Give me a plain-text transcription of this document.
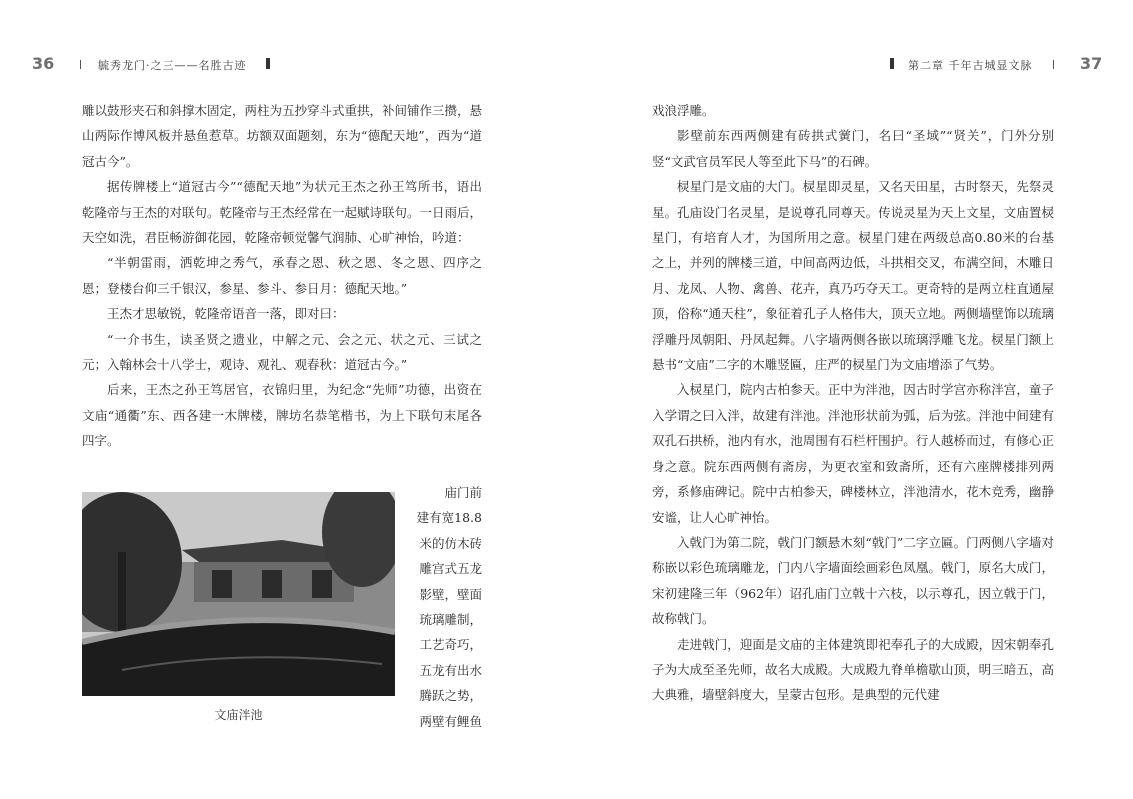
36	毓秀龙门·之三——名胜古迹	第二章 千年古城显文脉	37

雕以鼓形夹石和斜撑木固定，两柱为五抄穿斗式重拱，补间铺作三攒，悬山两际作博风板并悬鱼惹草。坊额双面题刻，东为“德配天地”，西为“道冠古今”。

据传牌楼上“道冠古今”“德配天地”为状元王杰之孙王笃所书，语出乾隆帝与王杰的对联句。乾隆帝与王杰经常在一起赋诗联句。一日雨后，天空如洗，君臣畅游御花园，乾隆帝顿觉馨气润肺、心旷神怡，吟道：

“半朝雷雨，洒乾坤之秀气，承春之恩、秋之恩、冬之恩、四序之恩；登楼台仰三千银汉，参星、参斗、参日月：德配天地。”

王杰才思敏锐，乾隆帝语音一落，即对曰：

“一介书生，读圣贤之遗业，中解之元、会之元、状之元、三试之元；入翰林会十八学士，观诗、观礼、观春秋：道冠古今。”

后来，王杰之孙王笃居官，衣锦归里，为纪念“先师”功德，出资在文庙“通衢”东、西各建一木牌楼，牌坊名恭笔楷书，为上下联句末尾各四字。

文庙泮池

庙门前

建有宽18.8

米的仿木砖

雕宫式五龙

影壁，壁面

琉璃雕制，

工艺奇巧，

五龙有出水

腾跃之势，

两壁有鲤鱼

戏浪浮雕。

影壁前东西两侧建有砖拱式黉门，名曰“圣域”“贤关”，门外分别竖“文武官员军民人等至此下马”的石碑。

棂星门是文庙的大门。棂星即灵星，又名天田星，古时祭天，先祭灵星。孔庙设门名灵星，是说尊孔同尊天。传说灵星为天上文星，文庙置棂星门，有培育人才，为国所用之意。棂星门建在两级总高0.80米的台基之上，并列的牌楼三道，中间高两边低，斗拱相交叉，布满空间，木雕日月、龙凤、人物、禽兽、花卉，真乃巧夺天工。更奇特的是两立柱直通屋顶，俗称“通天柱”，象征着孔子人格伟大，顶天立地。两侧墙壁饰以琉璃浮雕丹凤朝阳、丹凤起舞。八字墙两侧各嵌以琉璃浮雕飞龙。棂星门额上悬书“文庙”二字的木雕竖匾，庄严的棂星门为文庙增添了气势。

入棂星门，院内古柏参天。正中为泮池，因古时学宫亦称泮宫，童子入学谓之曰入泮，故建有泮池。泮池形状前为弧，后为弦。泮池中间建有双孔石拱桥，池内有水，池周围有石栏杆围护。行人越桥而过，有修心正身之意。院东西两侧有斋房，为更衣室和致斋所，还有六座牌楼排列两旁，系修庙碑记。院中古柏参天，碑楼林立，泮池清水，花木竞秀，幽静安谧，让人心旷神怡。

入戟门为第二院，戟门门额悬木刻“戟门”二字立匾。门两侧八字墙对称嵌以彩色琉璃雕龙，门内八字墙面绘画彩色凤凰。戟门，原名大成门，宋初建隆三年（962年）诏孔庙门立戟十六枝，以示尊孔，因立戟于门，故称戟门。

走进戟门，迎面是文庙的主体建筑即祀奉孔子的大成殿，因宋朝奉孔子为大成至圣先师，故名大成殿。大成殿九脊单檐歇山顶，明三暗五，高大典雅，墙壁斜度大，呈蒙古包形。是典型的元代建
